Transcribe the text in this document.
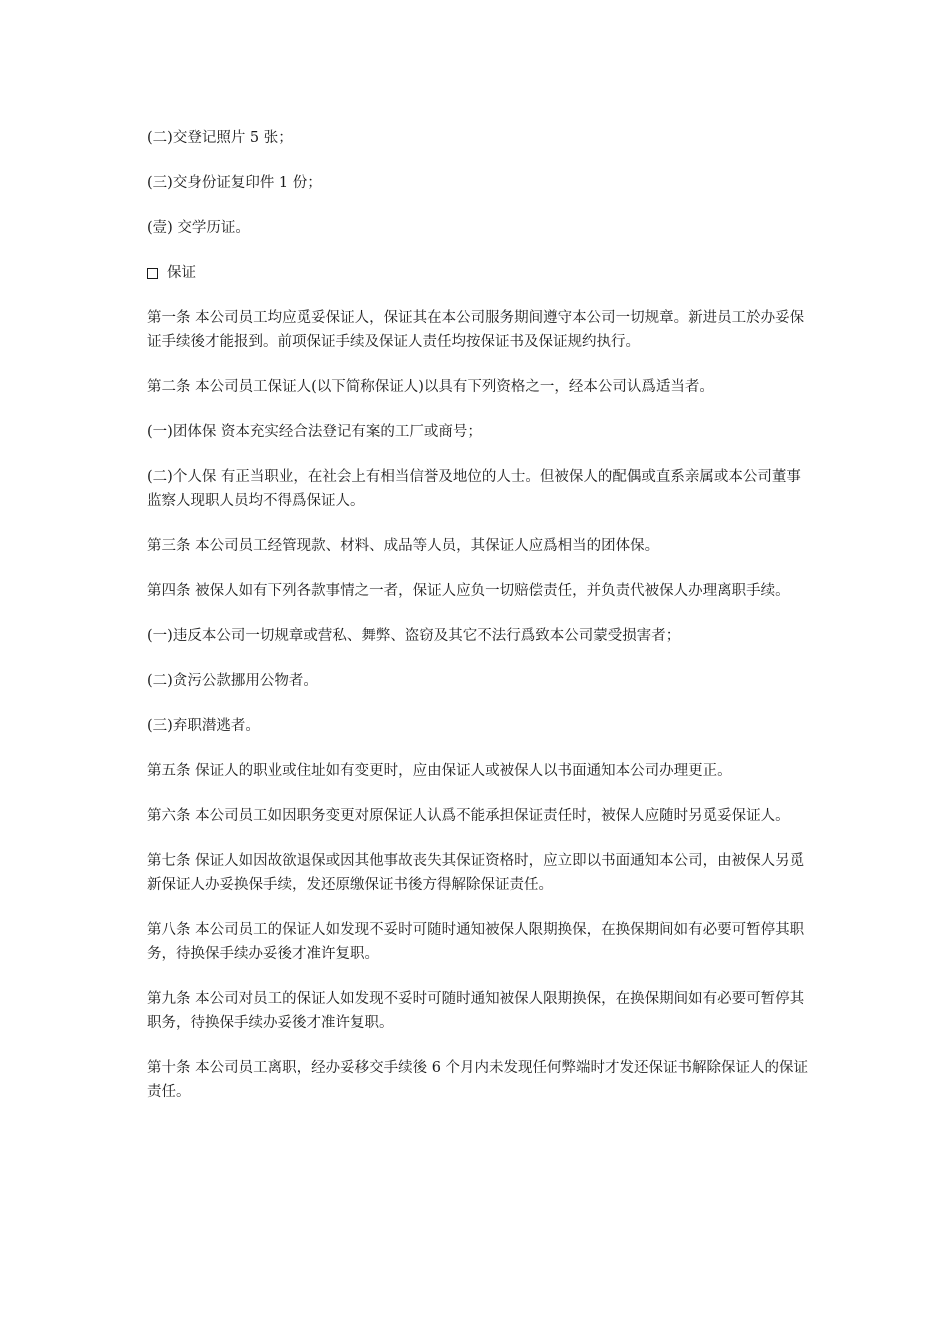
(二)交登记照片 5 张；

(三)交身份证复印件 1 份；

(壹) 交学历证。

保证

第一条 本公司员工均应觅妥保证人，保证其在本公司服务期间遵守本公司一切规章。新进员工於办妥保证手续後才能报到。前项保证手续及保证人责任均按保证书及保证规约执行。

第二条 本公司员工保证人(以下简称保证人)以具有下列资格之一，经本公司认爲适当者。

(一)团体保 资本充实经合法登记有案的工厂或商号；

(二)个人保 有正当职业，在社会上有相当信誉及地位的人士。但被保人的配偶或直系亲属或本公司董事监察人现职人员均不得爲保证人。

第三条 本公司员工经管现款、材料、成品等人员，其保证人应爲相当的团体保。

第四条 被保人如有下列各款事情之一者，保证人应负一切赔偿责任，并负责代被保人办理离职手续。

(一)违反本公司一切规章或营私、舞弊、盗窃及其它不法行爲致本公司蒙受损害者；

(二)贪污公款挪用公物者。

(三)弃职潜逃者。

第五条 保证人的职业或住址如有变更时，应由保证人或被保人以书面通知本公司办理更正。

第六条 本公司员工如因职务变更对原保证人认爲不能承担保证责任时，被保人应随时另觅妥保证人。

第七条 保证人如因故欲退保或因其他事故丧失其保证资格时，应立即以书面通知本公司，由被保人另觅新保证人办妥换保手续，发还原缴保证书後方得解除保证责任。

第八条 本公司员工的保证人如发现不妥时可随时通知被保人限期换保，在换保期间如有必要可暂停其职务，待换保手续办妥後才准许复职。

第九条 本公司对员工的保证人如发现不妥时可随时通知被保人限期换保，在换保期间如有必要可暂停其职务，待换保手续办妥後才准许复职。

第十条 本公司员工离职，经办妥移交手续後 6 个月内未发现任何弊端时才发还保证书解除保证人的保证责任。
